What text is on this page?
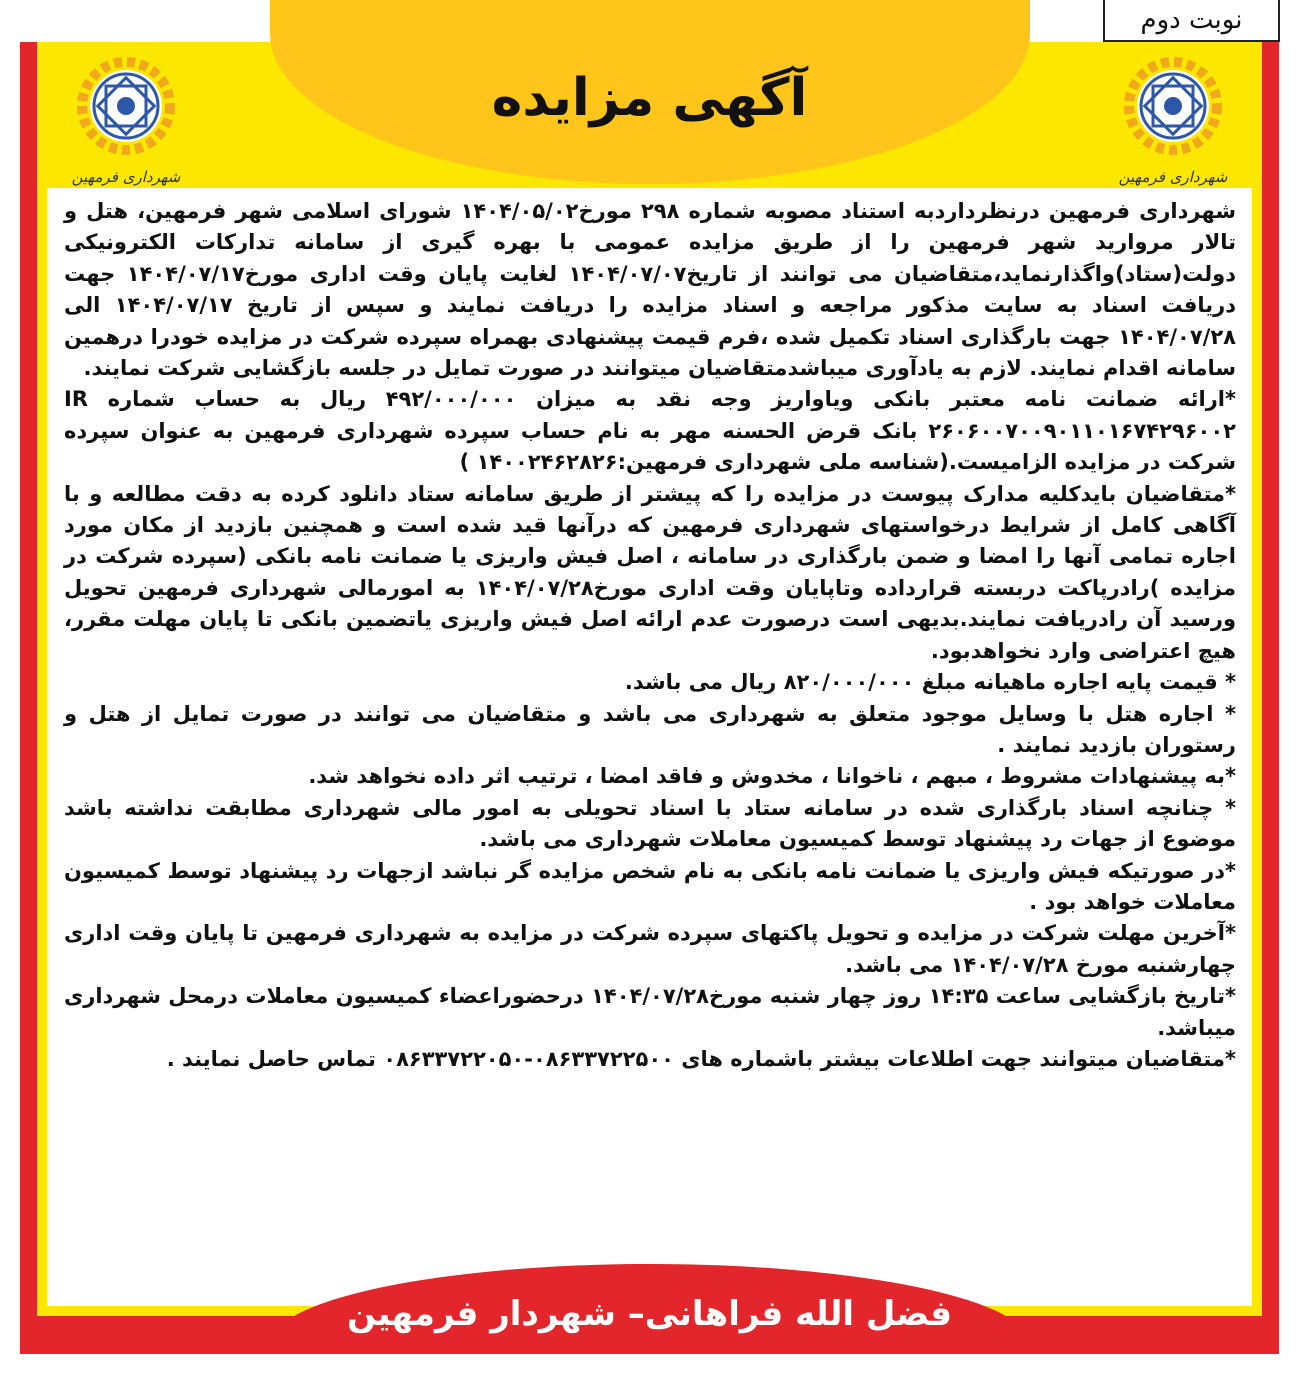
نوبت دوم
آگهی مزایده
شهرداری فرمهین
شهرداری فرمهین
فضل الله فراهانی– شهردار فرمهین

شهرداری فرمهین درنظرداردبه استناد مصوبه شماره ۲۹۸ مورخ۱۴۰۴/۰۵/۰۲ شورای اسلامی شهر فرمهین، هتل و تالار مروارید شهر فرمهین را از طریق مزایده عمومی با بهره گیری از سامانه تدارکات الکترونیکی دولت(ستاد)واگذارنماید،متقاضیان می توانند از تاریخ۱۴۰۴/۰۷/۰۷ لغایت پایان وقت اداری مورخ۱۴۰۴/۰۷/۱۷ جهت دریافت اسناد به سایت مذکور مراجعه و اسناد مزایده را دریافت نمایند و سپس از تاریخ ۱۴۰۴/۰۷/۱۷ الی ۱۴۰۴/۰۷/۲۸ جهت بارگذاری اسناد تکمیل شده ،فرم قیمت پیشنهادی بهمراه سپرده شرکت در مزایده خودرا درهمین سامانه اقدام نمایند. لازم به یادآوری میباشدمتقاضیان میتوانند در صورت تمایل در جلسه بازگشایی شرکت نمایند.

*ارائه ضمانت نامه معتبر بانکی ویاواریز وجه نقد به میزان ۴۹۲/۰۰۰/۰۰۰ ریال به حساب شماره IR ۲۶۰۶۰۰۷۰۰۹۰۱۱۰۱۶۷۴۲۹۶۰۰۲ بانک قرض الحسنه مهر به نام حساب سپرده شهرداری فرمهین به عنوان سپرده شرکت در مزایده الزامیست.(شناسه ملی شهرداری فرمهین:۱۴۰۰۲۴۶۲۸۲۶ )

*متقاضیان بایدکلیه مدارک پیوست در مزایده را که پیشتر از طریق سامانه ستاد دانلود کرده به دقت مطالعه و با آگاهی کامل از شرایط درخواستهای شهرداری فرمهین که درآنها قید شده است و همچنین بازدید از مکان مورد اجاره تمامی آنها را امضا و ضمن بارگذاری در سامانه ، اصل فیش واریزی یا ضمانت نامه بانکی (سپرده شرکت در مزایده )رادرپاکت دربسته قرارداده وتاپایان وقت اداری مورخ۱۴۰۴/۰۷/۲۸ به امورمالی شهرداری فرمهین تحویل ورسید آن رادریافت نمایند.بدیهی است درصورت عدم ارائه اصل فیش واریزی یاتضمین بانکی تا پایان مهلت مقرر، هیچ اعتراضی وارد نخواهدبود.

* قیمت پایه اجاره ماهیانه مبلغ ۸۲۰/۰۰۰/۰۰۰ ریال می باشد.

* اجاره هتل با وسایل موجود متعلق به شهرداری می باشد و متقاضیان می توانند در صورت تمایل از هتل و رستوران بازدید نمایند .

*به پیشنهادات مشروط ، مبهم ، ناخوانا ، مخدوش و فاقد امضا ، ترتیب اثر داده نخواهد شد.

* چنانچه اسناد بارگذاری شده در سامانه ستاد با اسناد تحویلی به امور مالی شهرداری مطابقت نداشته باشد موضوع از جهات رد پیشنهاد توسط کمیسیون معاملات شهرداری می باشد.

*در صورتیکه فیش واریزی یا ضمانت نامه بانکی به نام شخص مزایده گر نباشد ازجهات رد پیشنهاد توسط کمیسیون معاملات خواهد بود .

*آخرین مهلت شرکت در مزایده و تحویل پاکتهای سپرده شرکت در مزایده به شهرداری فرمهین تا پایان وقت اداری چهارشنبه مورخ ۱۴۰۴/۰۷/۲۸ می باشد.

*تاریخ بازگشایی ساعت ۱۴:۳۵ روز چهار شنبه مورخ۱۴۰۴/۰۷/۲۸ درحضوراعضاء کمیسیون معاملات درمحل شهرداری میباشد.

*متقاضیان میتوانند جهت اطلاعات بیشتر باشماره های ۰۸۶۳۳۷۲۲۵۰۰-۰۸۶۳۳۷۲۲۰۵۰ تماس حاصل نمایند .
